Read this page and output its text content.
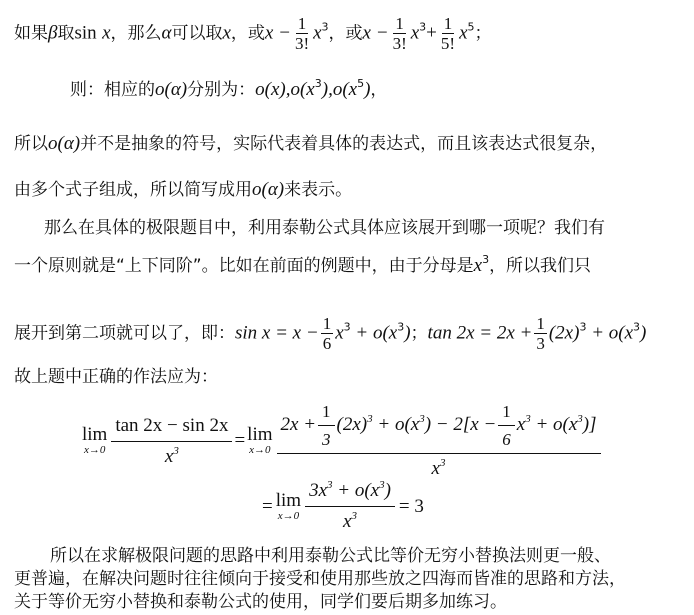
如果β取sin x，那么α可以取x，或$x - \frac{1}{3!} x^3$，或$x - \frac{1}{3!} x^3+ \frac{1}{5!} x^5$；
则：相应的o(α)分别为：$o(x),o(x^3),o(x^5)$，
所以o(α)并不是抽象的符号，实际代表着具体的表达式，而且该表达式很复杂，
由多个式子组成，所以简写成用o(α)来表示。
那么在具体的极限题目中，利用泰勒公式具体应该展开到哪一项呢？我们有
一个原则就是“上下同阶”。比如在前面的例题中，由于分母是$x^3$，所以我们只
展开到第二项就可以了，即：$\sin x = x - \frac{1}{6} x^3 + o(x^3)$；$\tan 2x = 2x + \frac{1}{3} (2x)^3 + o(x^3)$
故上题中正确的作法应为：
lim
$x\to 0 \frac{\tan 2x - \sin 2x}{x^3} = \lim$
$x\to 0 \frac{2x + \frac{1}{3} (2x)^3 + o(x^3) - 2[x - \frac{1}{6} x^3 + o(x^3)]}{x^3}$
= lim
$x\to 0 \frac{3x^3 + o(x^3)}{x^3} = 3$
所以在求解极限问题的思路中利用泰勒公式比等价无穷小替换法则更一般、
更普遍，在解决问题时往往倾向于接受和使用那些放之四海而皆准的思路和方法，
关于等价无穷小替换和泰勒公式的使用，同学们要后期多加练习。
